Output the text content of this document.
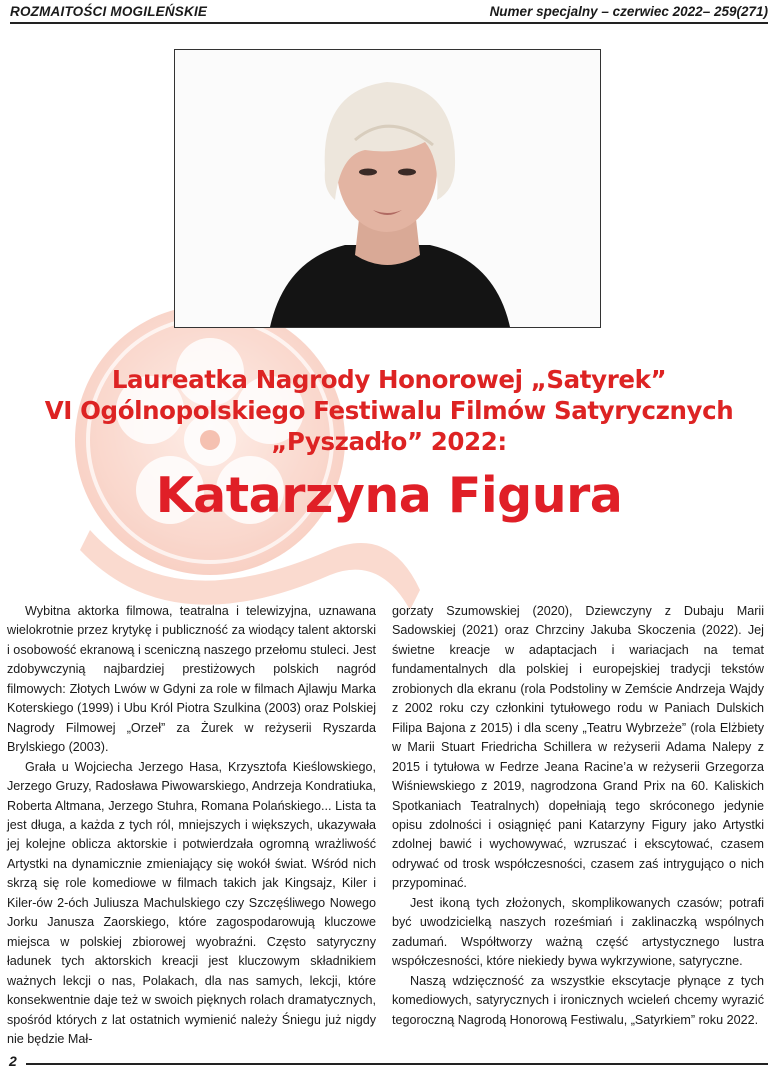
ROZMAITOŚCI MOGILEŃSKIE	Numer specjalny – czerwiec 2022– 259(271)

Laureatka Nagrody Honorowej „Satyrek”

VI Ogólnopolskiego Festiwalu Filmów Satyrycznych

„Pyszadło” 2022:

Katarzyna Figura

Wybitna aktorka filmowa, teatralna i telewizyjna, uznawana wielokrotnie przez krytykę i publiczność za wiodący talent aktorski i osobowość ekranową i sceniczną naszego przełomu stuleci. Jest zdobywczynią najbardziej prestiżowych polskich nagród filmowych: Złotych Lwów w Gdyni za role w filmach Ajlawju Marka Koterskiego (1999) i Ubu Król Piotra Szulkina (2003) oraz Polskiej Nagrody Filmowej „Orzeł” za Żurek w reżyserii Ryszarda Brylskiego (2003).

Grała u Wojciecha Jerzego Hasa, Krzysztofa Kieślowskiego, Jerzego Gruzy, Radosława Piwowarskiego, Andrzeja Kondratiuka, Roberta Altmana, Jerzego Stuhra, Romana Polańskiego... Lista ta jest długa, a każda z tych ról, mniejszych i większych, ukazywała jej kolejne oblicza aktorskie i potwierdzała ogromną wrażliwość Artystki na dynamicznie zmieniający się wokół świat. Wśród nich skrzą się role komediowe w filmach takich jak Kingsajz, Kiler i Kiler-ów 2-óch Juliusza Machulskiego czy Szczęśliwego Nowego Jorku Janusza Zaorskiego, które zagospodarowują kluczowe miejsca w polskiej zbiorowej wyobraźni. Często satyryczny ładunek tych aktorskich kreacji jest kluczowym składnikiem ważnych lekcji o nas, Polakach, dla nas samych, lekcji, które konsekwentnie daje też w swoich pięknych rolach dramatycznych, spośród których z lat ostatnich wymienić należy Śniegu już nigdy nie będzie Mał-

gorzaty Szumowskiej (2020), Dziewczyny z Dubaju Marii Sadowskiej (2021) oraz Chrzciny Jakuba Skoczenia (2022). Jej świetne kreacje w adaptacjach i wariacjach na temat fundamentalnych dla polskiej i europejskiej tradycji tekstów zrobionych dla ekranu (rola Podstoliny w Zemście Andrzeja Wajdy z 2002 roku czy członkini tytułowego rodu w Paniach Dulskich Filipa Bajona z 2015) i dla sceny „Teatru Wybrzeże” (rola Elżbiety w Marii Stuart Friedricha Schillera w reżyserii Adama Nalepy z 2015 i tytułowa w Fedrze Jeana Racine’a w reżyserii Grzegorza Wiśniewskiego z 2019, nagrodzona Grand Prix na 60. Kaliskich Spotkaniach Teatralnych) dopełniają tego skróconego jedynie opisu zdolności i osiągnięć pani Katarzyny Figury jako Artystki zdolnej bawić i wychowywać, wzruszać i ekscytować, czasem odrywać od trosk współczesności, czasem zaś intrygująco o nich przypominać.

Jest ikoną tych złożonych, skomplikowanych czasów; potrafi być uwodzicielką naszych roześmiań i zaklinaczką wspólnych zadumań. Współtworzy ważną część artystycznego lustra współczesności, które niekiedy bywa wykrzywione, satyryczne.

Naszą wdzięczność za wszystkie ekscytacje płynące z tych komediowych, satyrycznych i ironicznych wcieleń chcemy wyrazić tegoroczną Nagrodą Honorową Festiwalu, „Satyrkiem” roku 2022.

2
